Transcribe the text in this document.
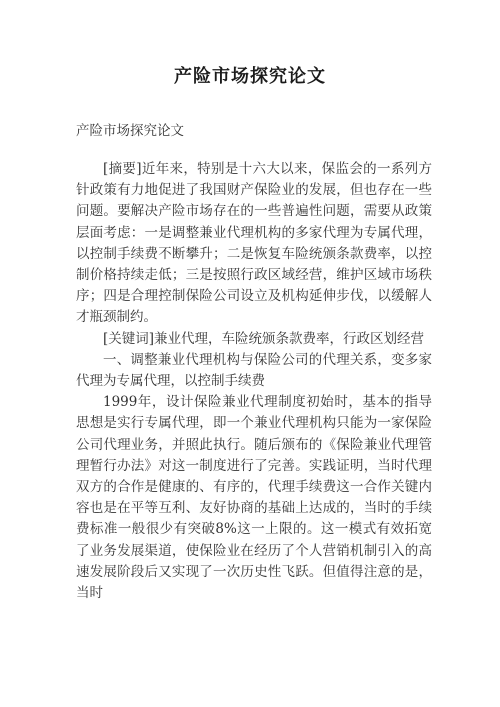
产险市场探究论文
产险市场探究论文

[摘要]近年来，特别是十六大以来，保监会的一系列方针政策有力地促进了我国财产保险业的发展，但也存在一些问题。要解决产险市场存在的一些普遍性问题，需要从政策层面考虑：一是调整兼业代理机构的多家代理为专属代理，以控制手续费不断攀升；二是恢复车险统颁条款费率，以控制价格持续走低；三是按照行政区域经营，维护区域市场秩序；四是合理控制保险公司设立及机构延伸步伐，以缓解人才瓶颈制约。

[关键词]兼业代理，车险统颁条款费率，行政区划经营

一、调整兼业代理机构与保险公司的代理关系，变多家代理为专属代理，以控制手续费

1999年，设计保险兼业代理制度初始时，基本的指导思想是实行专属代理，即一个兼业代理机构只能为一家保险公司代理业务，并照此执行。随后颁布的《保险兼业代理管理暂行办法》对这一制度进行了完善。实践证明，当时代理双方的合作是健康的、有序的，代理手续费这一合作关键内容也是在平等互利、友好协商的基础上达成的，当时的手续费标准一般很少有突破8%这一上限的。这一模式有效拓宽了业务发展渠道，使保险业在经历了个人营销机制引入的高速发展阶段后又实现了一次历史性飞跃。但值得注意的是，当时
